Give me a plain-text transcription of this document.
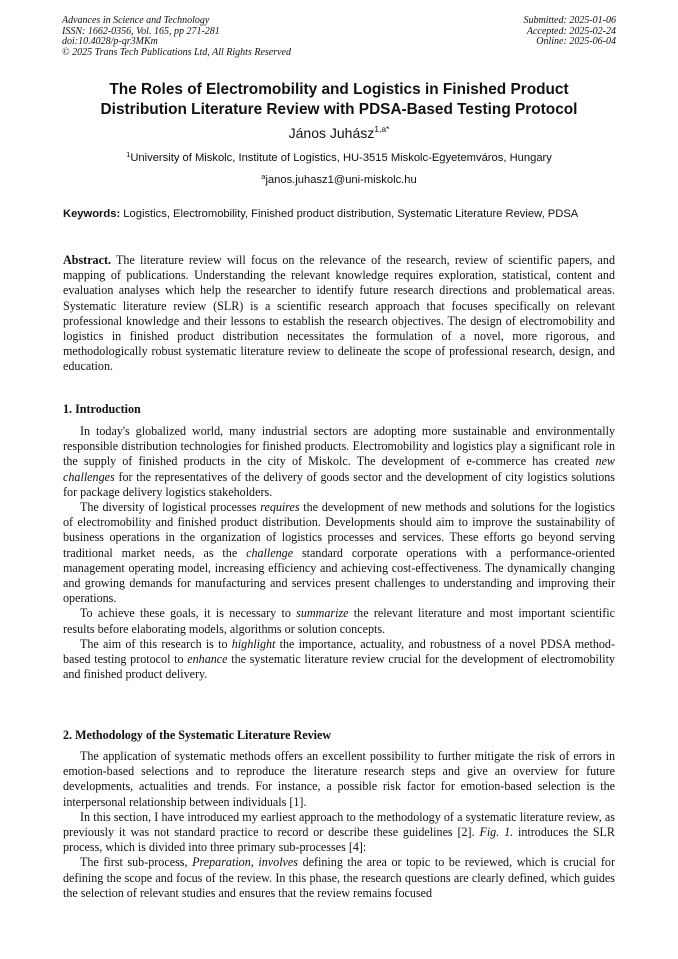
Advances in Science and Technology
ISSN: 1662-0356, Vol. 165, pp 271-281
doi:10.4028/p-qr3MKm
© 2025 Trans Tech Publications Ltd, All Rights Reserved
Submitted: 2025-01-06
Accepted: 2025-02-24
Online: 2025-06-04
The Roles of Electromobility and Logistics in Finished Product
Distribution Literature Review with PDSA-Based Testing Protocol
János Juhász$^{1,a*}$
$^1$University of Miskolc, Institute of Logistics, HU-3515 Miskolc-Egyetemváros, Hungary
$^a$janos.juhasz1@uni-miskolc.hu
Keywords: Logistics, Electromobility, Finished product distribution, Systematic Literature Review, PDSA

Abstract. The literature review will focus on the relevance of the research, review of scientific papers, and mapping of publications. Understanding the relevant knowledge requires exploration, statistical, content and evaluation analyses which help the researcher to identify future research directions and problematical areas. Systematic literature review (SLR) is a scientific research approach that focuses specifically on relevant professional knowledge and their lessons to establish the research objectives. The design of electromobility and logistics in finished product distribution necessitates the formulation of a novel, more rigorous, and methodologically robust systematic literature review to delineate the scope of professional research, design, and education.

1. Introduction

In today's globalized world, many industrial sectors are adopting more sustainable and environmentally responsible distribution technologies for finished products. Electromobility and logistics play a significant role in the supply of finished products in the city of Miskolc. The development of e-commerce has created new challenges for the representatives of the delivery of goods sector and the development of city logistics solutions for package delivery logistics stakeholders.

The diversity of logistical processes requires the development of new methods and solutions for the logistics of electromobility and finished product distribution. Developments should aim to improve the sustainability of business operations in the organization of logistics processes and services. These efforts go beyond serving traditional market needs, as the challenge standard corporate operations with a performance-oriented management operating model, increasing efficiency and achieving cost-effectiveness. The dynamically changing and growing demands for manufacturing and services present challenges to understanding and improving their operations.

To achieve these goals, it is necessary to summarize the relevant literature and most important scientific results before elaborating models, algorithms or solution concepts.

The aim of this research is to highlight the importance, actuality, and robustness of a novel PDSA method-based testing protocol to enhance the systematic literature review crucial for the development of electromobility and finished product delivery.

2. Methodology of the Systematic Literature Review

The application of systematic methods offers an excellent possibility to further mitigate the risk of errors in emotion-based selections and to reproduce the literature research steps and give an overview for future developments, actualities and trends. For instance, a possible risk factor for emotion-based selection is the interpersonal relationship between individuals [1].

In this section, I have introduced my earliest approach to the methodology of a systematic literature review, as previously it was not standard practice to record or describe these guidelines [2]. Fig. 1. introduces the SLR process, which is divided into three primary sub-processes [4]:

The first sub-process, Preparation, involves defining the area or topic to be reviewed, which is crucial for defining the scope and focus of the review. In this phase, the research questions are clearly defined, which guides the selection of relevant studies and ensures that the review remains focused
